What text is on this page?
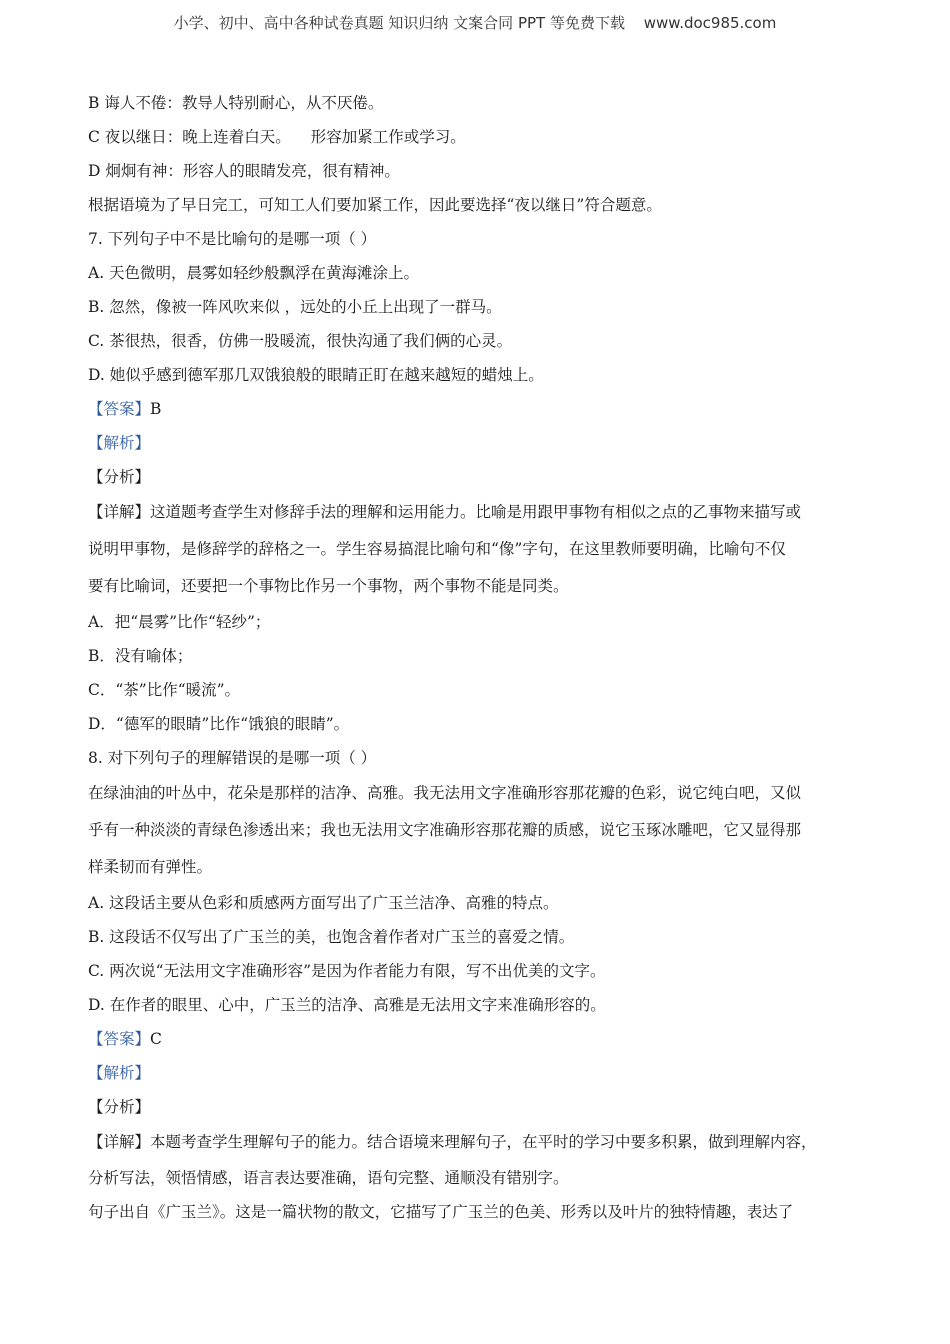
小学、初中、高中各种试卷真题 知识归纳 文案合同 PPT 等免费下载 www.doc985.com
B 诲人不倦：教导人特别耐心，从不厌倦。
C 夜以继日：晚上连着白天。 形容加紧工作或学习。
D 炯炯有神：形容人的眼睛发亮，很有精神。
根据语境为了早日完工，可知工人们要加紧工作，因此要选择“夜以继日”符合题意。
7. 下列句子中不是比喻句的是哪一项（ ）
A. 天色微明，晨雾如轻纱般飘浮在黄海滩涂上。
B. 忽然，像被一阵风吹来似 ，远处的小丘上出现了一群马。
C. 茶很热，很香，仿佛一股暖流，很快沟通了我们俩的心灵。
D. 她似乎感到德军那几双饿狼般的眼睛正盯在越来越短的蜡烛上。
【答案】B
【解析】
【分析】
【详解】这道题考查学生对修辞手法的理解和运用能力。比喻是用跟甲事物有相似之点的乙事物来描写或
说明甲事物，是修辞学的辞格之一。学生容易搞混比喻句和“像”字句，在这里教师要明确，比喻句不仅
要有比喻词，还要把一个事物比作另一个事物，两个事物不能是同类。
A．把“晨雾”比作“轻纱”；
B．没有喻体；
C．“茶”比作“暖流”。
D．“德军的眼睛”比作“饿狼的眼睛”。
8. 对下列句子的理解错误的是哪一项（ ）
在绿油油的叶丛中，花朵是那样的洁净、高雅。我无法用文字准确形容那花瓣的色彩，说它纯白吧，又似
乎有一种淡淡的青绿色渗透出来；我也无法用文字准确形容那花瓣的质感，说它玉琢冰雕吧，它又显得那
样柔韧而有弹性。
A. 这段话主要从色彩和质感两方面写出了广玉兰洁净、高雅的特点。
B. 这段话不仅写出了广玉兰的美，也饱含着作者对广玉兰的喜爱之情。
C. 两次说“无法用文字准确形容”是因为作者能力有限，写不出优美的文字。
D. 在作者的眼里、心中，广玉兰的洁净、高雅是无法用文字来准确形容的。
【答案】C
【解析】
【分析】
【详解】本题考查学生理解句子的能力。结合语境来理解句子，在平时的学习中要多积累，做到理解内容，
分析写法，领悟情感，语言表达要准确，语句完整、通顺没有错别字。
句子出自《广玉兰》。这是一篇状物的散文，它描写了广玉兰的色美、形秀以及叶片的独特情趣，表达了
